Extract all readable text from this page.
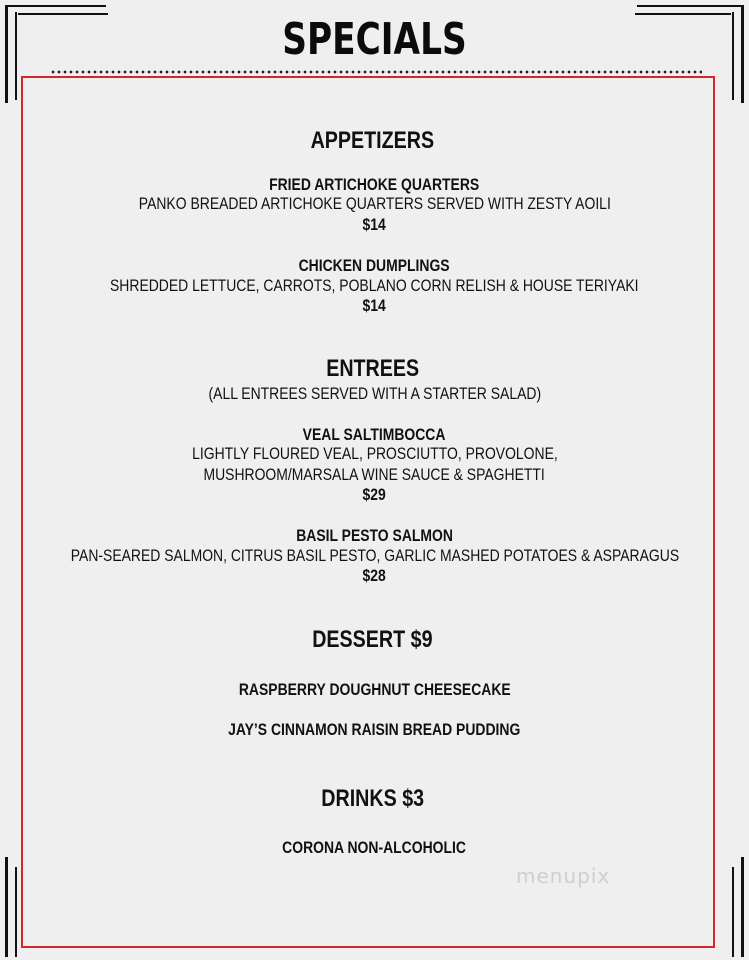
SPECIALS
APPETIZERS
FRIED ARTICHOKE QUARTERS
PANKO BREADED ARTICHOKE QUARTERS SERVED WITH ZESTY AOILI
$14
CHICKEN DUMPLINGS
SHREDDED LETTUCE, CARROTS, POBLANO CORN RELISH & HOUSE TERIYAKI
$14
ENTREES
(ALL ENTREES SERVED WITH A STARTER SALAD)
VEAL SALTIMBOCCA
LIGHTLY FLOURED VEAL, PROSCIUTTO, PROVOLONE,
MUSHROOM/MARSALA WINE SAUCE & SPAGHETTI
$29
BASIL PESTO SALMON
PAN-SEARED SALMON, CITRUS BASIL PESTO, GARLIC MASHED POTATOES & ASPARAGUS
$28
DESSERT $9
RASPBERRY DOUGHNUT CHEESECAKE
JAY’S CINNAMON RAISIN BREAD PUDDING
DRINKS $3
CORONA NON-ALCOHOLIC
menupix
